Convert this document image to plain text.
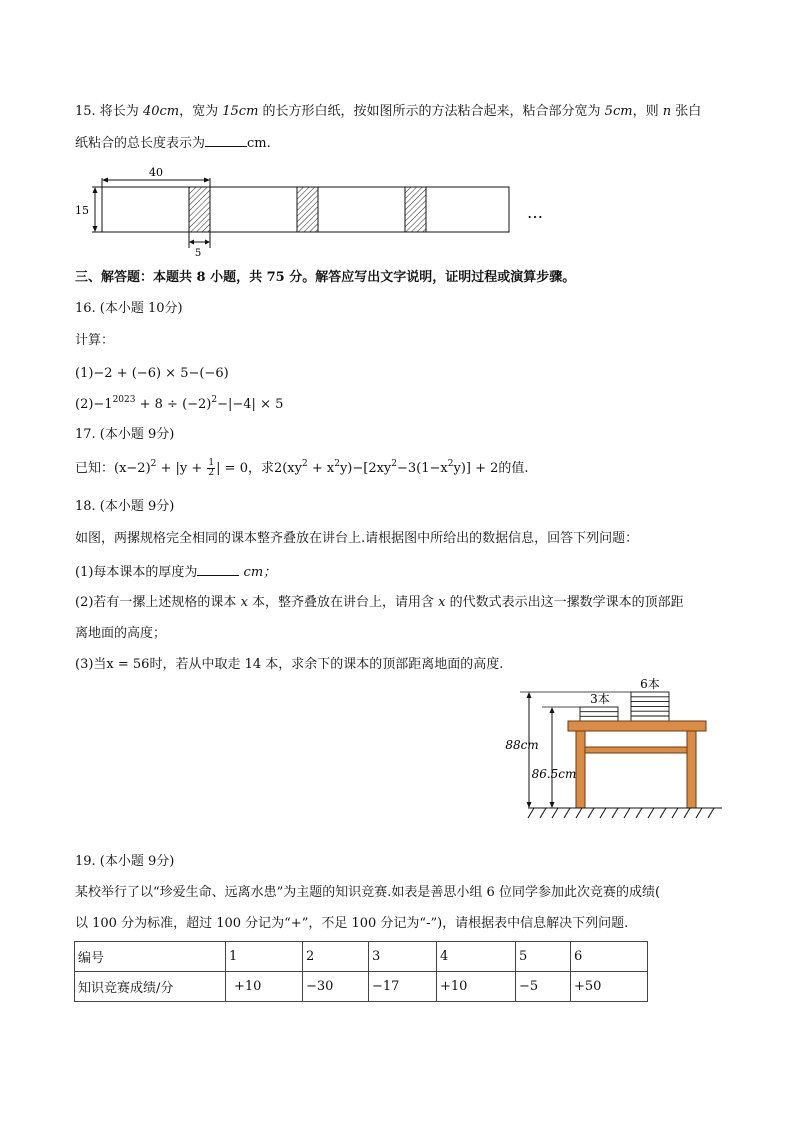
15. 将长为 40cm，宽为 15cm 的长方形白纸，按如图所示的方法粘合起来，粘合部分宽为 5cm，则 n 张白
纸粘合的总长度表示为	cm.
40
15
5
…
三、解答题：本题共 8 小题，共 75 分。解答应写出文字说明，证明过程或演算步骤。
16. (本小题 10分)
计算：
(1)−2 + (−6) × 5−(−6)
$(2)-1^{2023} + 8 \div (-2)^2-|-4| \times 5$
17. (本小题 9分)
已知：$(x-2)^2 + |y + \frac{1}{2}$ | = 0，求$2(xy^2 + x^2y)-[2xy^2-3(1-x^2y)] + 2$的值.
18. (本小题 9分)
如图，两摞规格完全相同的课本整齐叠放在讲台上.请根据图中所给出的数据信息，回答下列问题：
(1)每本课本的厚度为	cm；
(2)若有一摞上述规格的课本 x 本，整齐叠放在讲台上，请用含 x 的代数式表示出这一摞数学课本的顶部距
离地面的高度；
(3)当x = 56时，若从中取走 14 本，求余下的课本的顶部距离地面的高度.
3本
6本
88cm
86.5cm
19. (本小题 9分)
某校举行了以“珍爱生命、远离水患”为主题的知识竞赛.如表是善思小组 6 位同学参加此次竞赛的成绩(
以 100 分为标准，超过 100 分记为“+”，不足 100 分记为“-”)，请根据表中信息解决下列问题.
编号	1	2	3	4	5	6
知识竞赛成绩/分	+10	−30	−17	+10	−5	+50
